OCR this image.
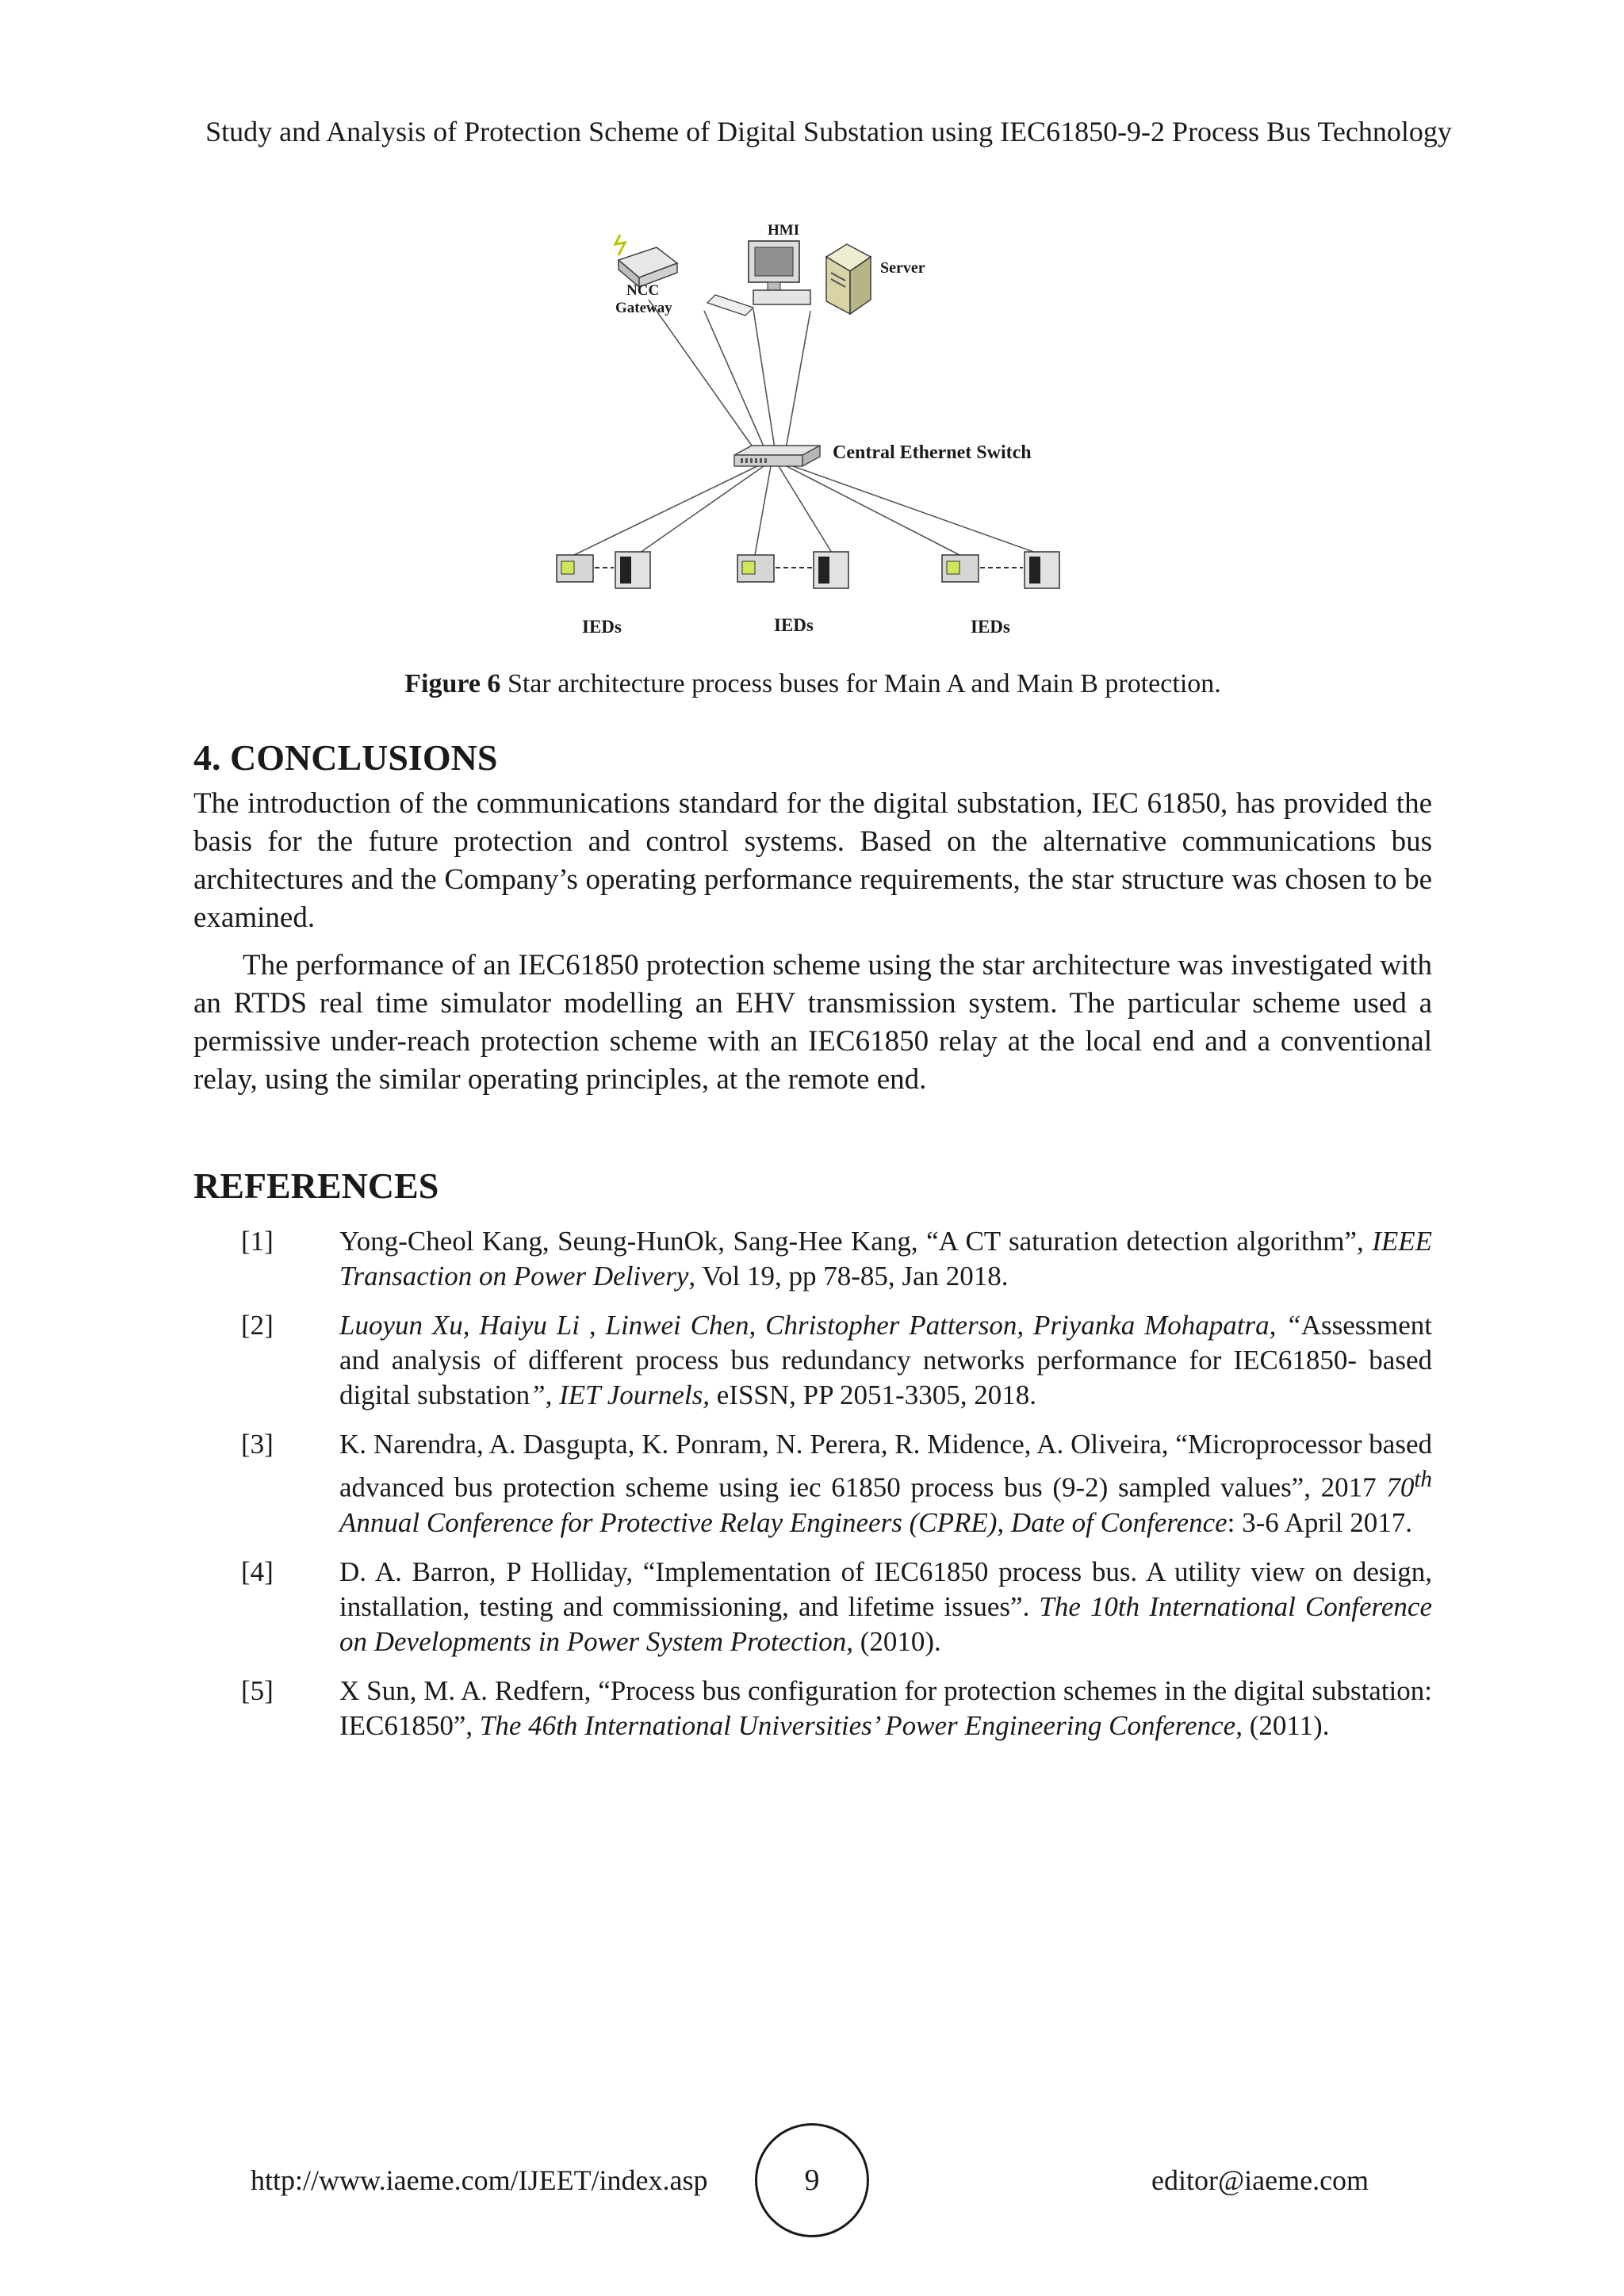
Study and Analysis of Protection Scheme of Digital Substation using IEC61850-9-2 Process Bus Technology
NCC
Gateway
HMI
Server
Central Ethernet Switch
IEDs	IEDs	IEDs
Figure 6 Star architecture process buses for Main A and Main B protection.
4. CONCLUSIONS

The introduction of the communications standard for the digital substation, IEC 61850, has provided the basis for the future protection and control systems. Based on the alternative communications bus architectures and the Company’s operating performance requirements, the star structure was chosen to be examined.

The performance of an IEC61850 protection scheme using the star architecture was investigated with an RTDS real time simulator modelling an EHV transmission system. The particular scheme used a permissive under-reach protection scheme with an IEC61850 relay at the local end and a conventional relay, using the similar operating principles, at the remote end.

REFERENCES
[1]	Yong-Cheol Kang, Seung-HunOk, Sang-Hee Kang, “A CT saturation detection algorithm”, IEEE Transaction on Power Delivery, Vol 19, pp 78-85, Jan 2018.
[2]	Luoyun Xu, Haiyu Li , Linwei Chen, Christopher Patterson, Priyanka Mohapatra, “Assessment and analysis of different process bus redundancy networks performance for IEC61850- based digital substation”, IET Journels, eISSN, PP 2051-3305, 2018.
[3]	K. Narendra, A. Dasgupta, K. Ponram, N. Perera, R. Midence, A. Oliveira, “Microprocessor based advanced bus protection scheme using iec 61850 process bus (9-2) sampled values”, 2017 70th Annual Conference for Protective Relay Engineers (CPRE), Date of Conference: 3-6 April 2017.
[4]	D. A. Barron, P Holliday, “Implementation of IEC61850 process bus. A utility view on design, installation, testing and commissioning, and lifetime issues”. The 10th International Conference on Developments in Power System Protection, (2010).
[5]	X Sun, M. A. Redfern, “Process bus configuration for protection schemes in the digital substation: IEC61850”, The 46th International Universities’ Power Engineering Conference, (2011).
http://www.iaeme.com/IJEET/index.asp	9	editor@iaeme.com
